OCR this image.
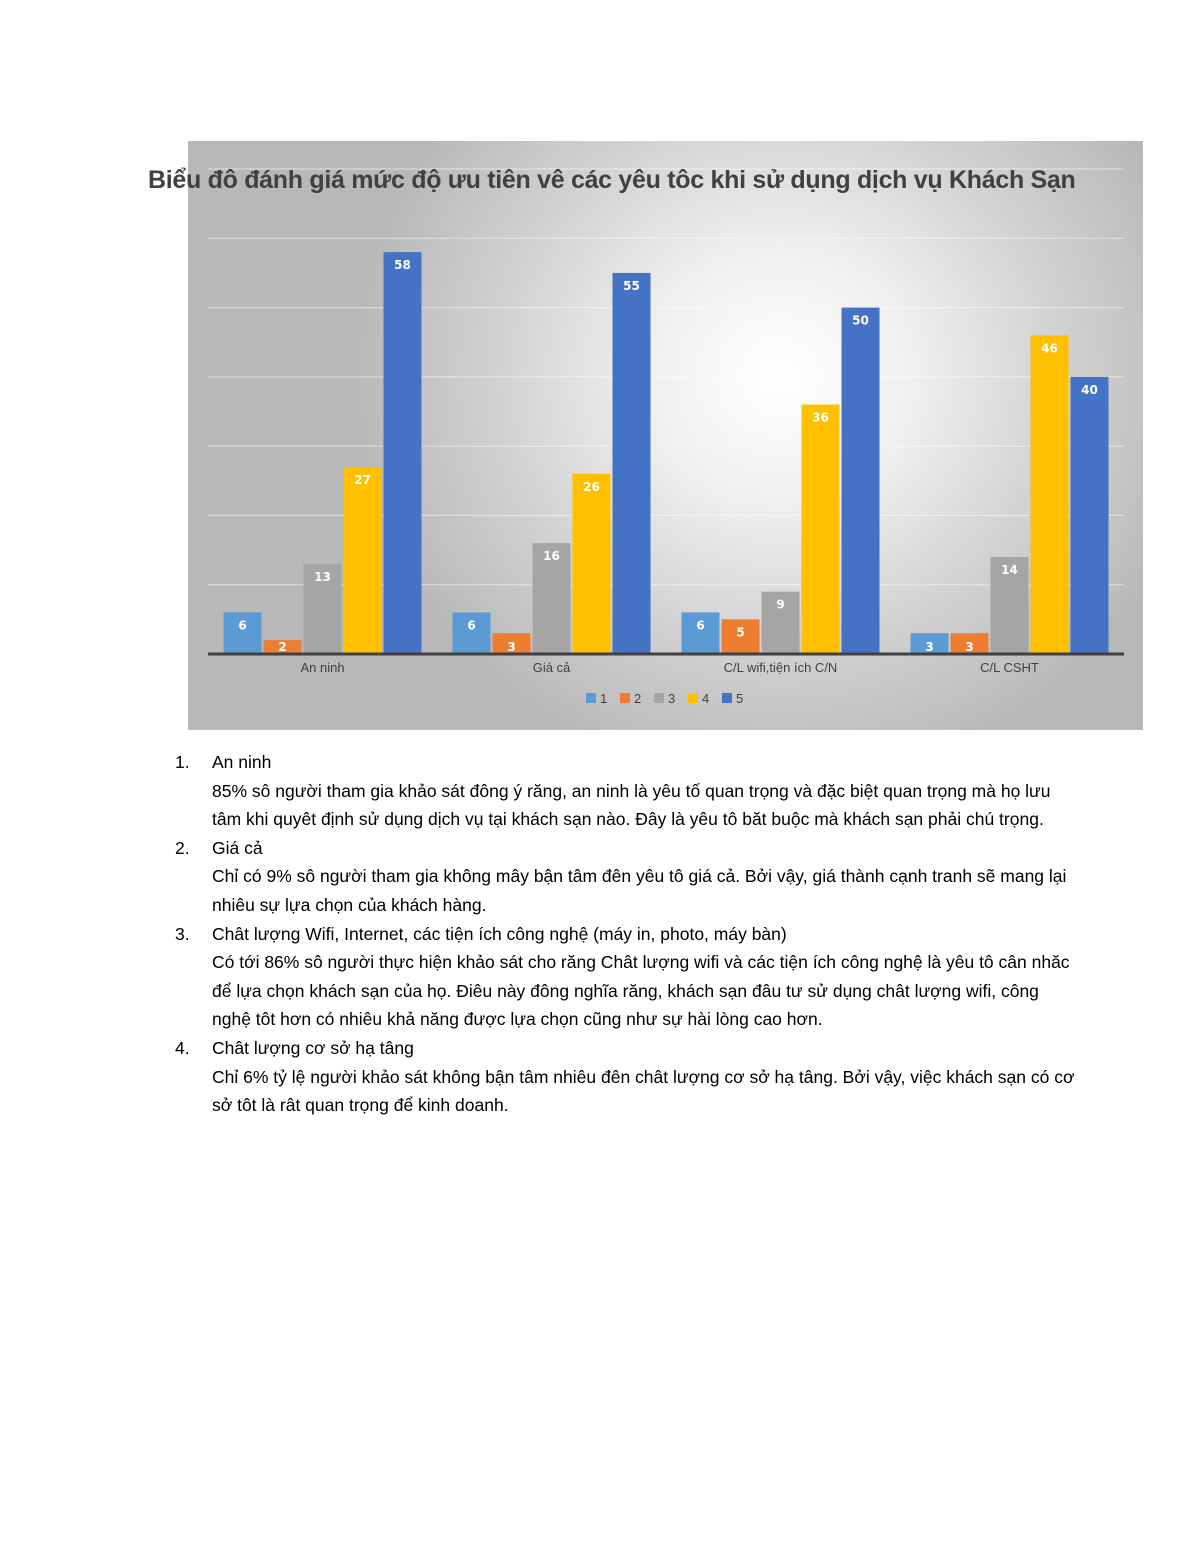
6
2
13
27
58
An ninh
6
3
16
26
55
Giá cả
6	5
9
36
50
C/L wifi,tiện ích C/N
3	3
14
46
40
C/L CSHT
1 2 3 4 5
Biểu đô đánh giá mức độ ưu tiên vê các yêu tôc khi sử dụng dịch vụ Khách Sạn
1. An ninh
85% sô người tham gia khảo sát đông ý răng, an ninh là yêu tố quan trọng và đặc biệt quan trọng mà họ lưu tâm khi quyêt định sử dụng dịch vụ tại khách sạn nào. Đây là yêu tô băt buộc mà khách sạn phải chú trọng.
2. Giá cả
Chỉ có 9% sô người tham gia không mây bận tâm đên yêu tô giá cả. Bởi vậy, giá thành cạnh tranh sẽ mang lại nhiêu sự lựa chọn của khách hàng.
3. Chât lượng Wifi, Internet, các tiện ích công nghệ (máy in, photo, máy bàn)
Có tới 86% sô người thực hiện khảo sát cho răng Chât lượng wifi và các tiện ích công nghệ là yêu tô cân nhăc để lựa chọn khách sạn của họ. Điêu này đông nghĩa răng, khách sạn đâu tư sử dụng chât lượng wifi, công nghệ tôt hơn có nhiêu khả năng được lựa chọn cũng như sự hài lòng cao hơn.
4. Chât lượng cơ sở hạ tâng
Chỉ 6% tỷ lệ người khảo sát không bận tâm nhiêu đên chât lượng cơ sở hạ tâng. Bởi vậy, việc khách sạn có cơ sở tôt là rât quan trọng để kinh doanh.
